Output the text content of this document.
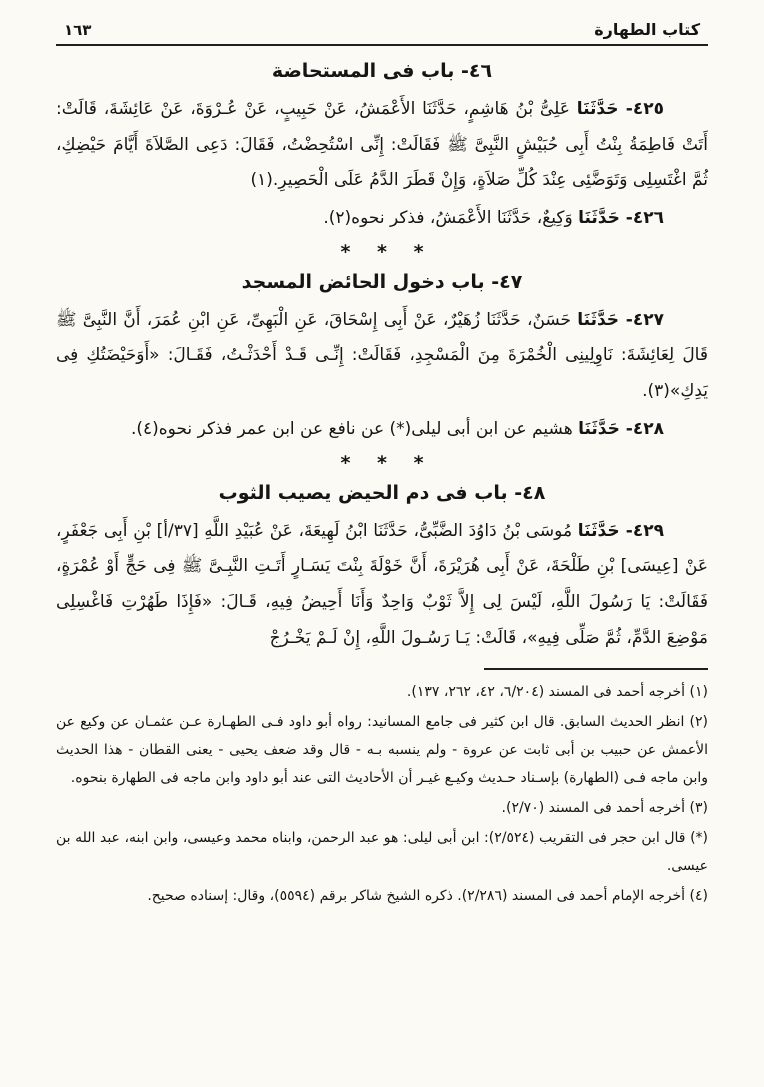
كتاب الطهارة
١٦٣
٤٦- باب فى المستحاضة

٤٢٥- حَدَّثَنَا عَلِىُّ بْنُ هَاشِمٍ، حَدَّثَنَا الأَعْمَشُ، عَنْ حَبِيبٍ، عَنْ عُـرْوَةَ، عَنْ عَائِشَةَ، قَالَتْ: أَتَتْ فَاطِمَةُ بِنْتُ أَبِى حُبَيْشٍ النَّبِىَّ ﷺ فَقَالَتْ: إِنِّى اسْتُحِضْتُ، فَقَالَ: دَعِى الصَّلاَةَ أَيَّامَ حَيْضِكِ، ثُمَّ اغْتَسِلِى وَتَوَضَّئِى عِنْدَ كُلِّ صَلاَةٍ، وَإِنْ قَطَرَ الدَّمُ عَلَى الْحَصِيرِ.(١)

٤٢٦- حَدَّثَنَا وَكِيعٌ، حَدَّثَنَا الأَعْمَشُ، فذكر نحوه(٢).

* * *
٤٧- باب دخول الحائض المسجد

٤٢٧- حَدَّثَنَا حَسَنٌ، حَدَّثَنَا زُهَيْرٌ، عَنْ أَبِى إِسْحَاقَ، عَنِ الْبَهِىِّ، عَنِ ابْنِ عُمَرَ، أَنَّ النَّبِىَّ ﷺ قَالَ لِعَائِشَةَ: نَاوِلِينِى الْخُمْرَةَ مِنَ الْمَسْجِدِ، فَقَالَتْ: إِنِّـى قَـدْ أَحْدَثْـتُ، فَقَـالَ: «أَوَحَيْضَتُكِ فِى يَدِكِ»(٣).

٤٢٨- حَدَّثَنَا هشيم عن ابن أبى ليلى(*) عن نافع عن ابن عمر فذكر نحوه(٤).

* * *
٤٨- باب فى دم الحيض يصيب الثوب

٤٢٩- حَدَّثَنَا مُوسَى بْنُ دَاوُدَ الضَّبِّىُّ، حَدَّثَنَا ابْنُ لَهِيعَةَ، عَنْ عُبَيْدِ اللَّهِ [٣٧/أ] بْنِ أَبِى جَعْفَرٍ، عَنْ [عِيسَى] بْنِ طَلْحَةَ، عَنْ أَبِى هُرَيْرَةَ، أَنَّ خَوْلَةَ بِنْتَ يَسَـارٍ أَتَـتِ النَّبِـىَّ ﷺ فِى حَجٍّ أَوْ عُمْرَةٍ، فَقَالَتْ: يَا رَسُولَ اللَّهِ، لَيْسَ لِى إِلاَّ ثَوْبٌ وَاحِدٌ وَأَنَا أَحِيضُ فِيهِ، قَـالَ: «فَإِذَا طَهُرْتِ فَاغْسِلِى مَوْضِعَ الدَّمِّ، ثُمَّ صَلِّى فِيهِ»، قَالَتْ: يَـا رَسُـولَ اللَّهِ، إِنْ لَـمْ يَخْـرُجْ

(١) أخرجه أحمد فى المسند (٦/٢٠٤، ٤٢، ٢٦٢، ١٣٧).

(٢) انظر الحديث السابق. قال ابن كثير فى جامع المسانيد: رواه أبو داود فـى الطهـارة عـن عثمـان عن وكيع عن الأعمش عن حبيب بن أبى ثابت عن عروة - ولم ينسبه بـه - قال وقد ضعف يحيى - يعنى القطان - هذا الحديث وابن ماجه فـى (الطهارة) بإسـناد حـديث وكيـع غيـر أن الأحاديث التى عند أبو داود وابن ماجه فى الطهارة بنحوه.

(٣) أخرجه أحمد فى المسند (٢/٧٠).

(*) قال ابن حجر فى التقريب (٢/٥٢٤): ابن أبى ليلى: هو عبد الرحمن، وابناه محمد وعيسى، وابن ابنه، عبد الله بن عيسى.

(٤) أخرجه الإمام أحمد فى المسند (٢/٢٨٦). ذكره الشيخ شاكر برقم (٥٥٩٤)، وقال: إسناده صحيح.
